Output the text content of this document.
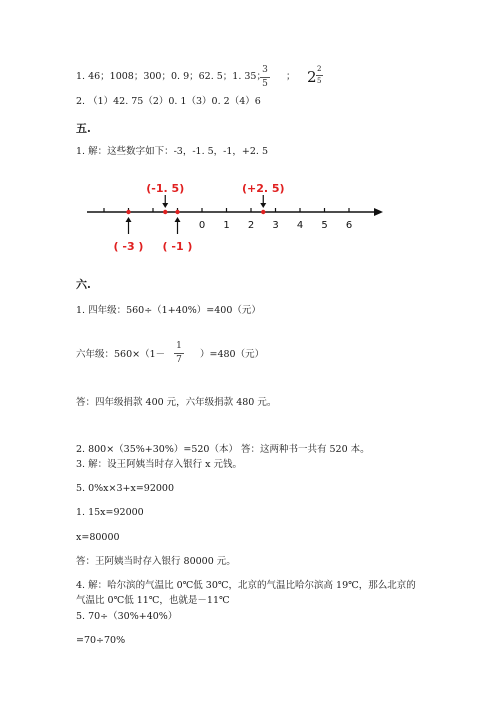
1. 46；1008；300；0. 9；62. 5；1. 35；
3
5
； 2 2
5
2. （1）42. 75（2）0. 1（3）0. 2（4）6
五.
1. 解：这些数字如下：-3，-1. 5，-1，+2. 5
0 1 2 3 4 5 6
(-1. 5)	(+2. 5)
( -3 ) ( -1 )
六.
1. 四年级：560÷（1+40%）=400（元）
六年级：560×（1－
1
7 ）=480（元）
答：四年级捐款 400 元，六年级捐款 480 元。
2. 800×（35%+30%）=520（本） 答：这两种书一共有 520 本。
3. 解：设王阿姨当时存入银行 x 元钱。
5. 0%x×3+x=92000
1. 15x=92000
x=80000
答：王阿姨当时存入银行 80000 元。
4. 解：哈尔滨的气温比 0℃低 30℃，北京的气温比哈尔滨高 19℃，那么北京的
气温比 0℃低 11℃，也就是－11℃
5. 70÷（30%+40%）
=70÷70%
